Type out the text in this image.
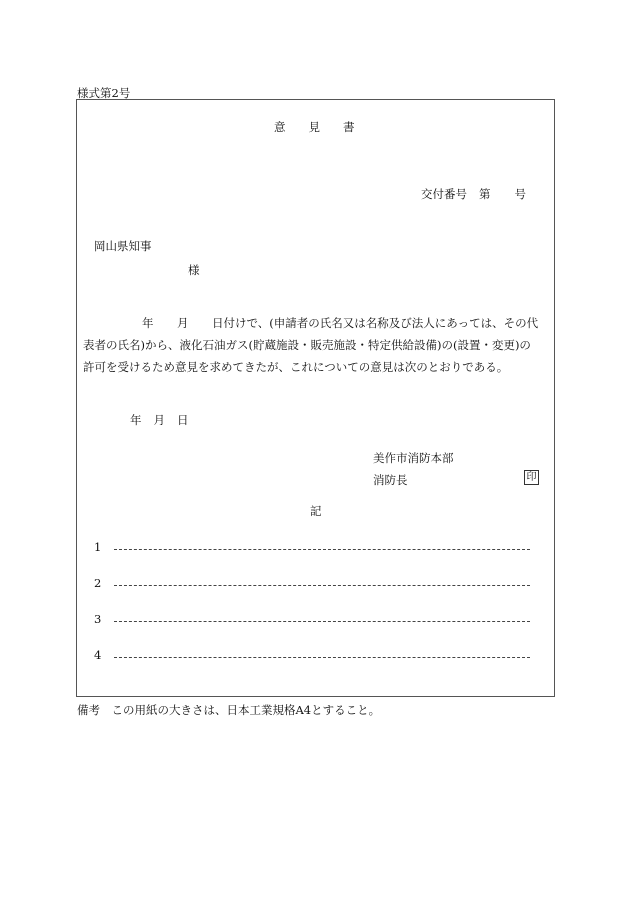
様式第2号
意　　見　　書
交付番号 第 号
岡山県知事
様
年 月 日付けで、(申請者の氏名又は名称及び法人にあっては、その代
表者の氏名)から、液化石油ガス(貯蔵施設・販売施設・特定供給設備)の(設置・変更)の
許可を受けるため意見を求めてきたが、これについての意見は次のとおりである。
年 月 日
美作市消防本部
消防長	印
記
1
2
3
4
備考　この用紙の大きさは、日本工業規格A4とすること。
